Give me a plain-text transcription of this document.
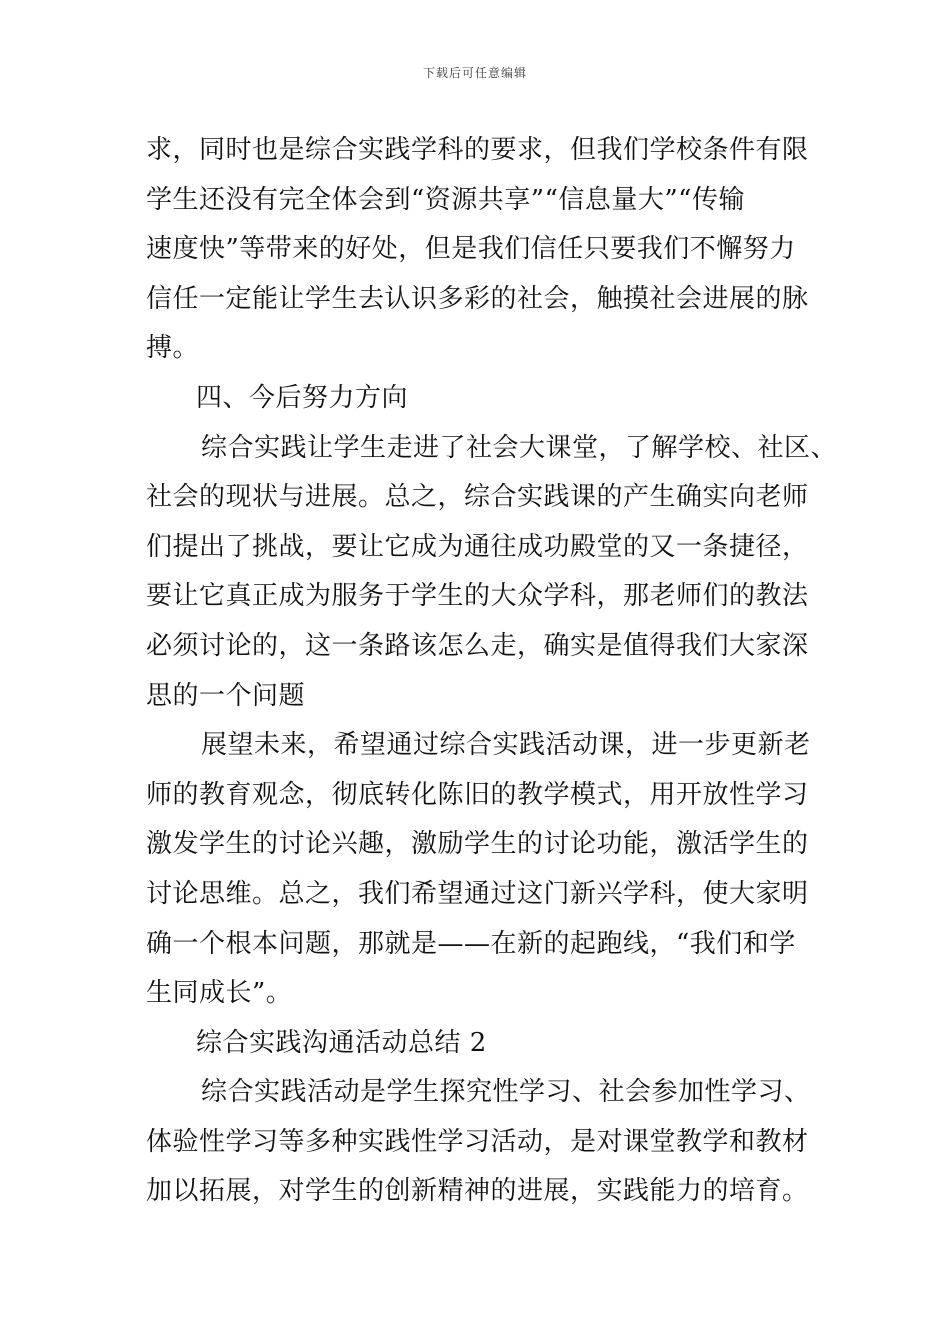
下载后可任意编辑
求，同时也是综合实践学科的要求，但我们学校条件有限
学生还没有完全体会到“资源共享”“信息量大”“传输
速度快”等带来的好处，但是我们信任只要我们不懈努力
信任一定能让学生去认识多彩的社会，触摸社会进展的脉
搏。
四、今后努力方向
综合实践让学生走进了社会大课堂，了解学校、社区、
社会的现状与进展。总之，综合实践课的产生确实向老师
们提出了挑战，要让它成为通往成功殿堂的又一条捷径，
要让它真正成为服务于学生的大众学科，那老师们的教法
必须讨论的，这一条路该怎么走，确实是值得我们大家深
思的一个问题
展望未来，希望通过综合实践活动课，进一步更新老
师的教育观念，彻底转化陈旧的教学模式，用开放性学习
激发学生的讨论兴趣，激励学生的讨论功能，激活学生的
讨论思维。总之，我们希望通过这门新兴学科，使大家明
确一个根本问题，那就是——在新的起跑线，“我们和学
生同成长”。
综合实践沟通活动总结 2
综合实践活动是学生探究性学习、社会参加性学习、
体验性学习等多种实践性学习活动，是对课堂教学和教材
加以拓展，对学生的创新精神的进展，实践能力的培育。
